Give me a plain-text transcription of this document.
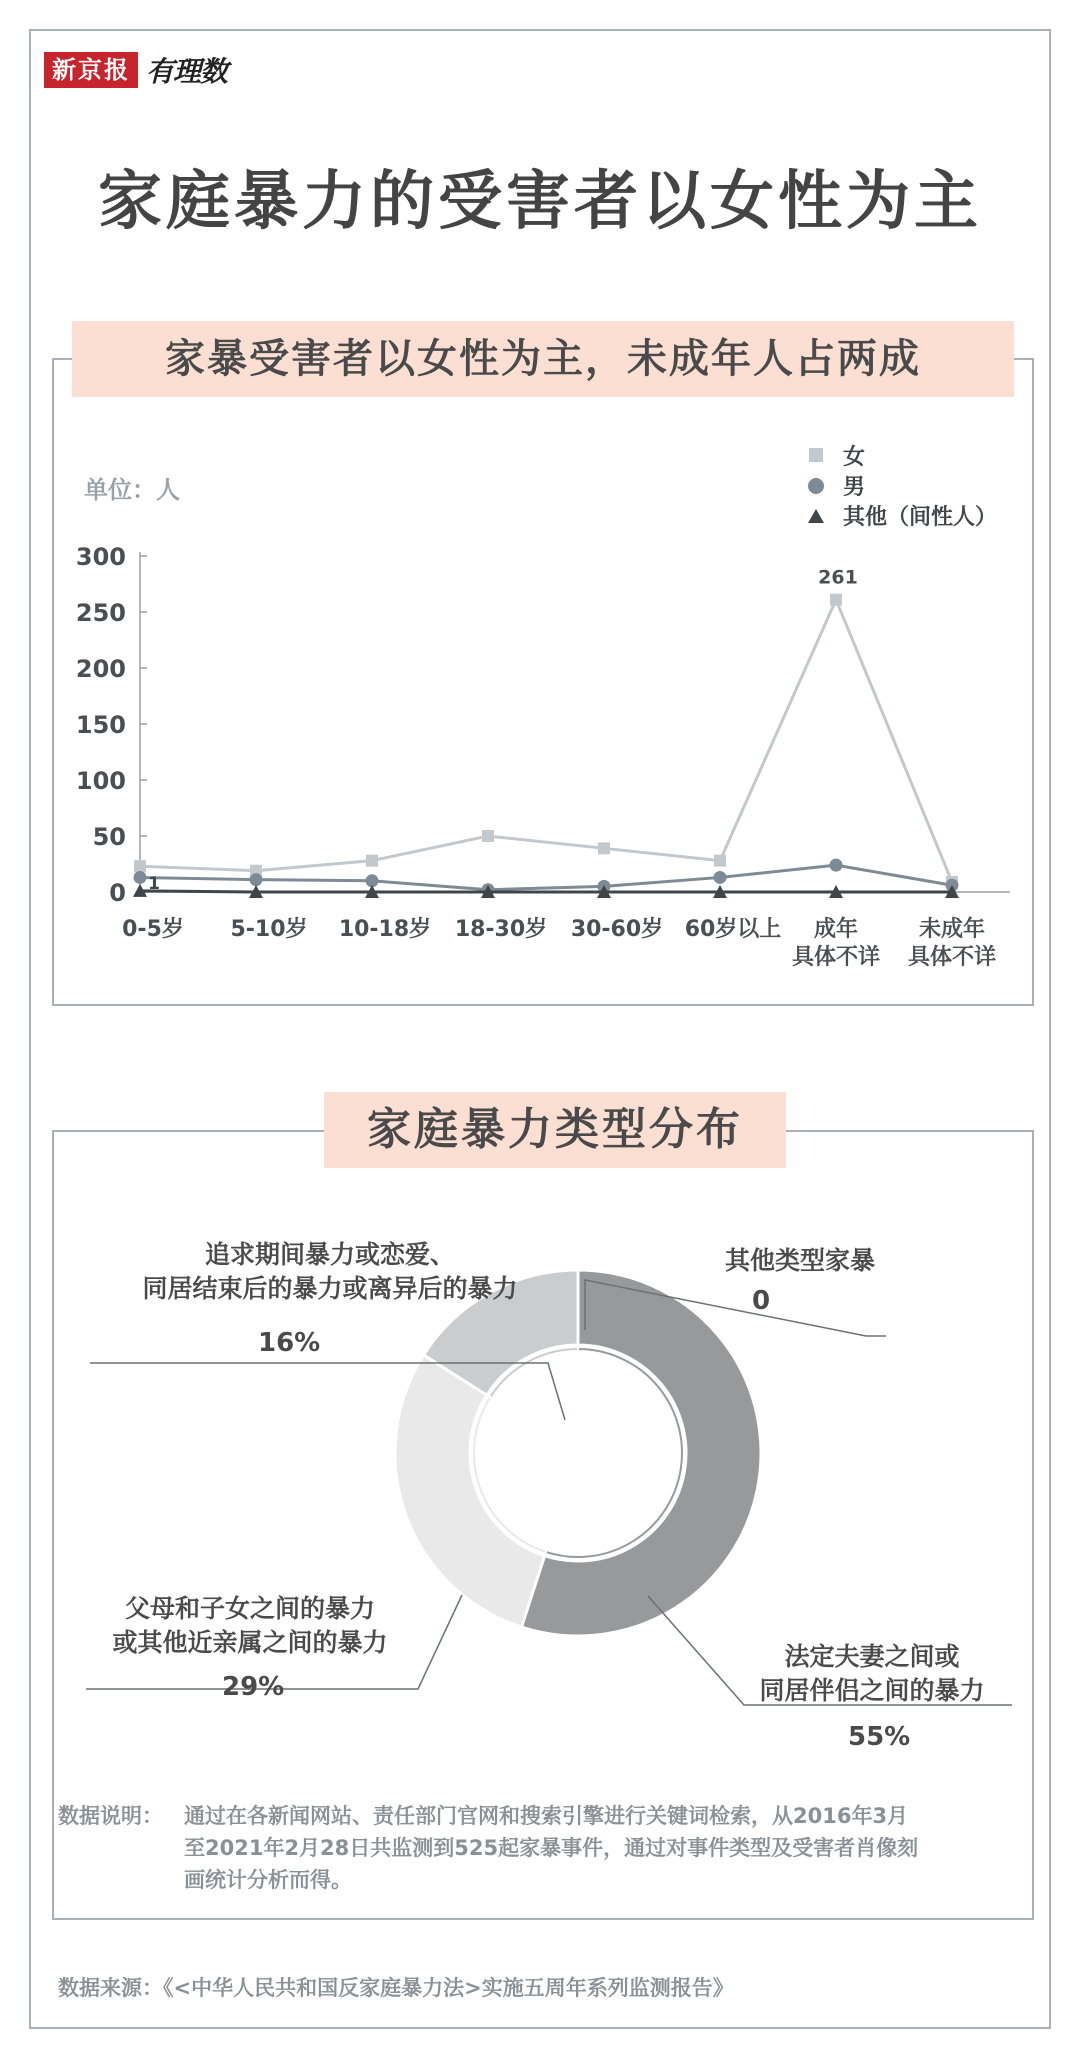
新京报 有理数
家庭暴力的受害者以女性为主
家暴受害者以女性为主，未成年人占两成
单位：人
女
男
其他（间性人）
0
50
100
150
200
250
300
0-5岁 5-10岁 10-18岁 18-30岁 30-60岁 60岁以上 成年
具体不详
未成年
具体不详
261
1
家庭暴力类型分布
追求期间暴力或恋爱、
同居结束后的暴力或离异后的暴力
16%
其他类型家暴
0
父母和子女之间的暴力
或其他近亲属之间的暴力
29%
法定夫妻之间或
同居伴侣之间的暴力
55%
数据说明： 通过在各新闻网站、责任部门官网和搜索引擎进行关键词检索，从2016年3月
至2021年2月28日共监测到525起家暴事件，通过对事件类型及受害者肖像刻
画统计分析而得。
数据来源：《<中华人民共和国反家庭暴力法>实施五周年系列监测报告》
